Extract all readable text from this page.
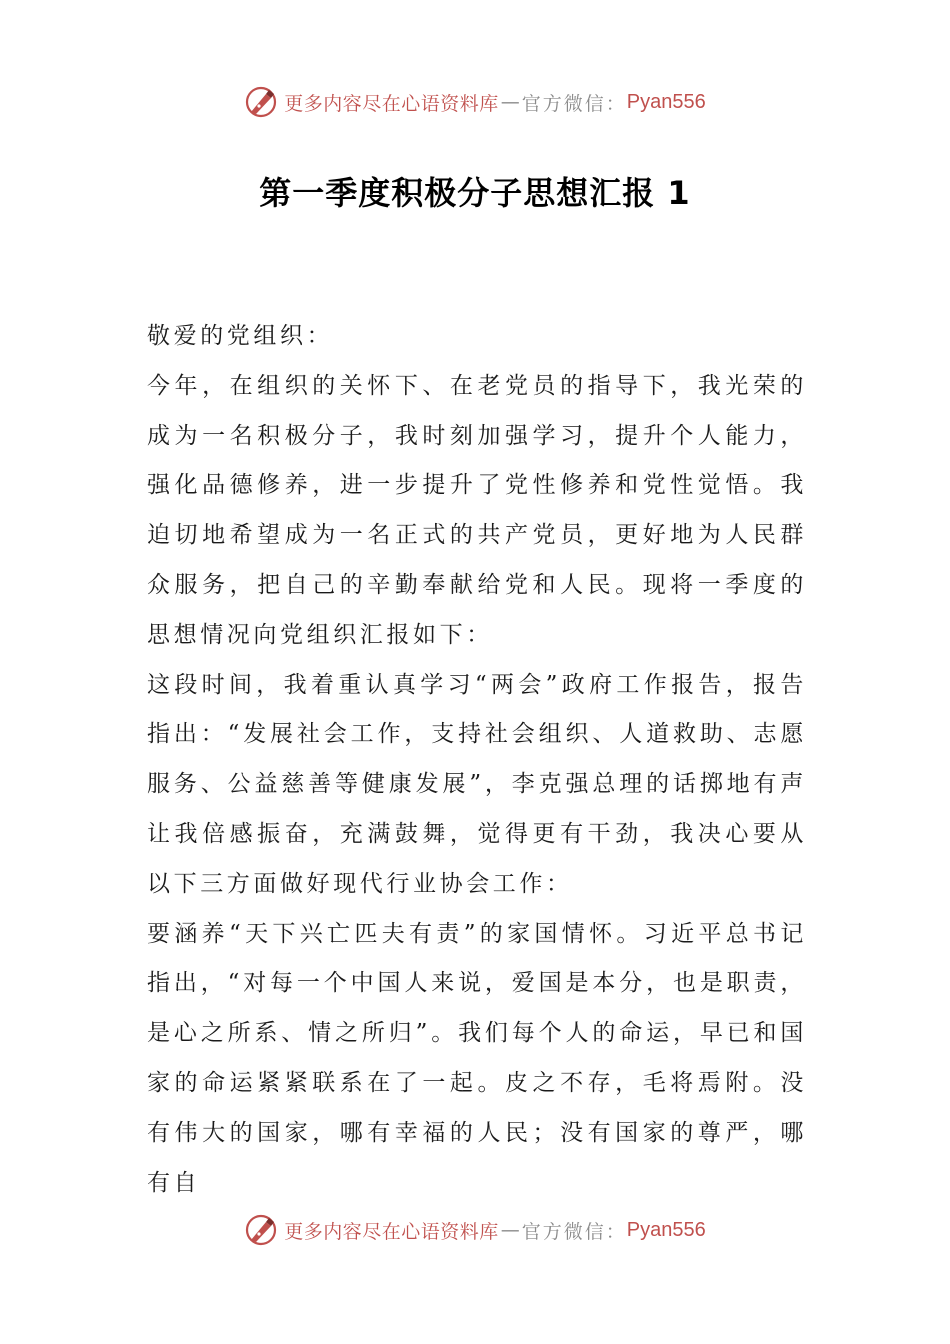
更多内容尽在心语资料库 — 官方微信： Pyan556
第一季度积极分子思想汇报 1

敬爱的党组织：

今年，在组织的关怀下、在老党员的指导下，我光荣的成为一名积极分子，我时刻加强学习，提升个人能力，强化品德修养，进一步提升了党性修养和党性觉悟。我迫切地希望成为一名正式的共产党员，更好地为人民群众服务，把自己的辛勤奉献给党和人民。现将一季度的思想情况向党组织汇报如下：

这段时间，我着重认真学习“两会”政府工作报告，报告指出：“发展社会工作，支持社会组织、人道救助、志愿服务、公益慈善等健康发展”，李克强总理的话掷地有声让我倍感振奋，充满鼓舞，觉得更有干劲，我决心要从以下三方面做好现代行业协会工作：

要涵养“天下兴亡匹夫有责”的家国情怀。习近平总书记指出，“对每一个中国人来说，爱国是本分，也是职责，是心之所系、情之所归”。我们每个人的命运，早已和国家的命运紧紧联系在了一起。皮之不存，毛将焉附。没有伟大的国家，哪有幸福的人民；没有国家的尊严，哪有自

更多内容尽在心语资料库 — 官方微信： Pyan556
